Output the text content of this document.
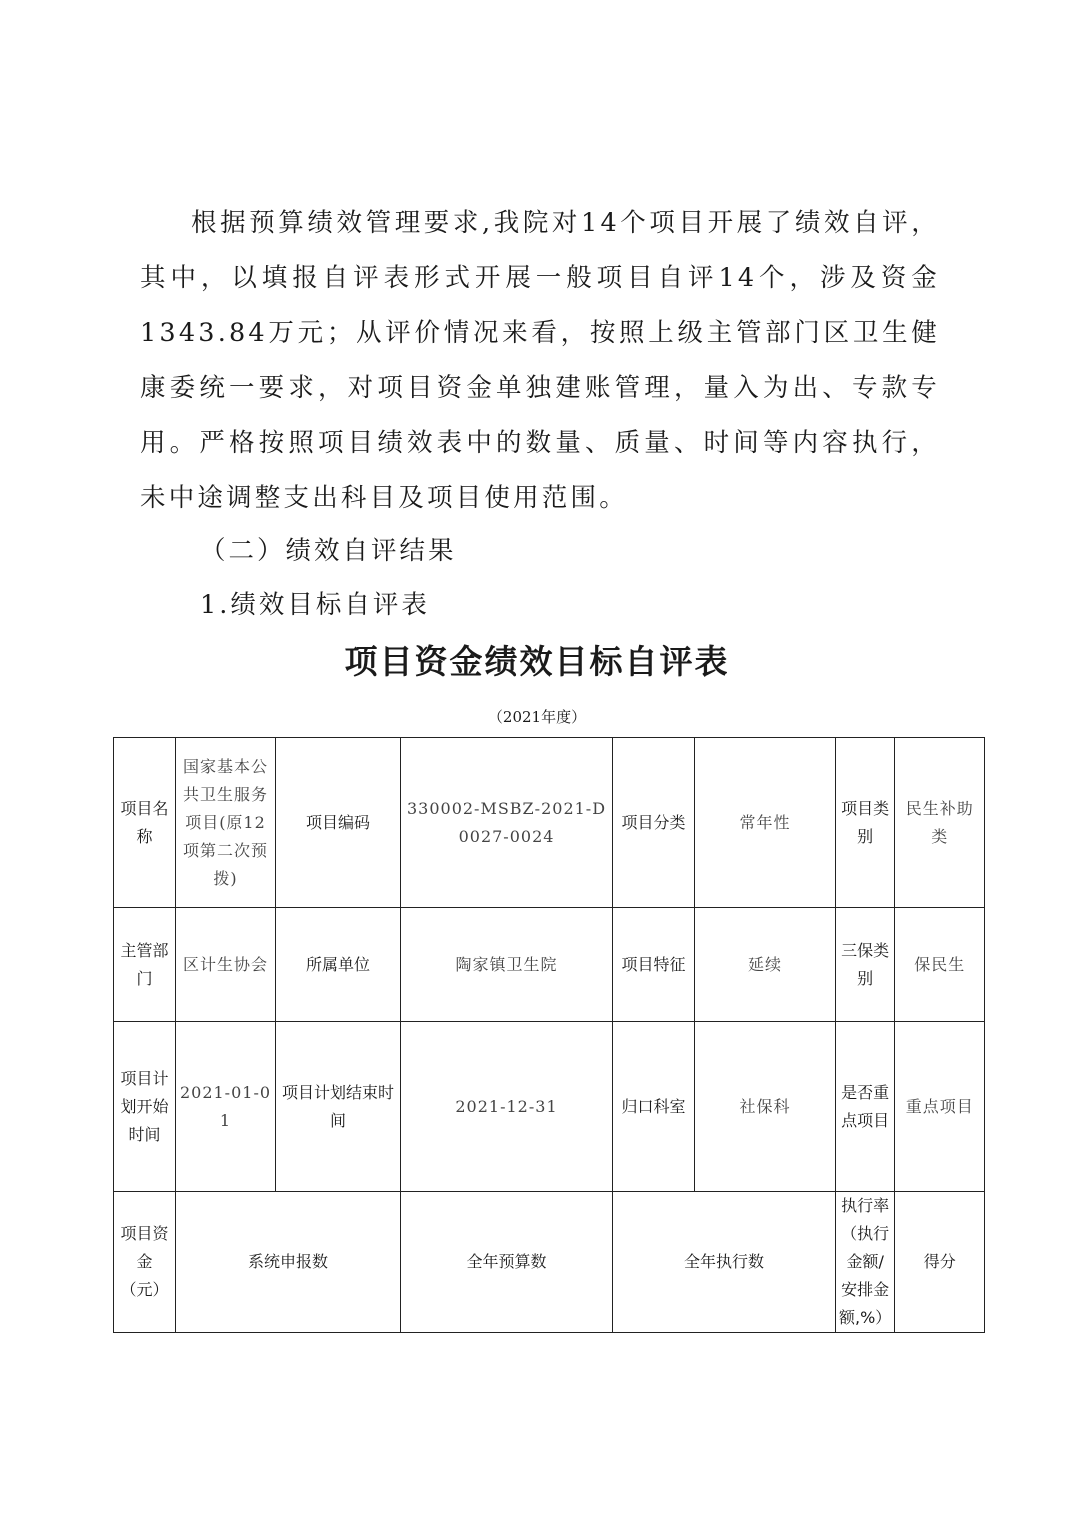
根据预算绩效管理要求,我院对14个项目开展了绩效自评，其中，以填报自评表形式开展一般项目自评14个，涉及资金1343.84万元；从评价情况来看，按照上级主管部门区卫生健康委统一要求，对项目资金单独建账管理，量入为出、专款专用。严格按照项目绩效表中的数量、质量、时间等内容执行，未中途调整支出科目及项目使用范围。

（二）绩效自评结果

1.绩效目标自评表

项目资金绩效目标自评表
（2021年度）
项目名称	国家基本公共卫生服务项目(原12项第二次预拨)	项目编码	330002-MSBZ-2021-D0027-0024	项目分类	常年性	项目类别	民生补助类
主管部门	区计生协会	所属单位	陶家镇卫生院	项目特征	延续	三保类别	保民生
项目计划开始时间	2021-01-01	项目计划结束时间	2021-12-31	归口科室	社保科	是否重点项目	重点项目
项目资金（元）	系统申报数		全年预算数	全年执行数		执行率（执行金额/安排金额,%）	得分
